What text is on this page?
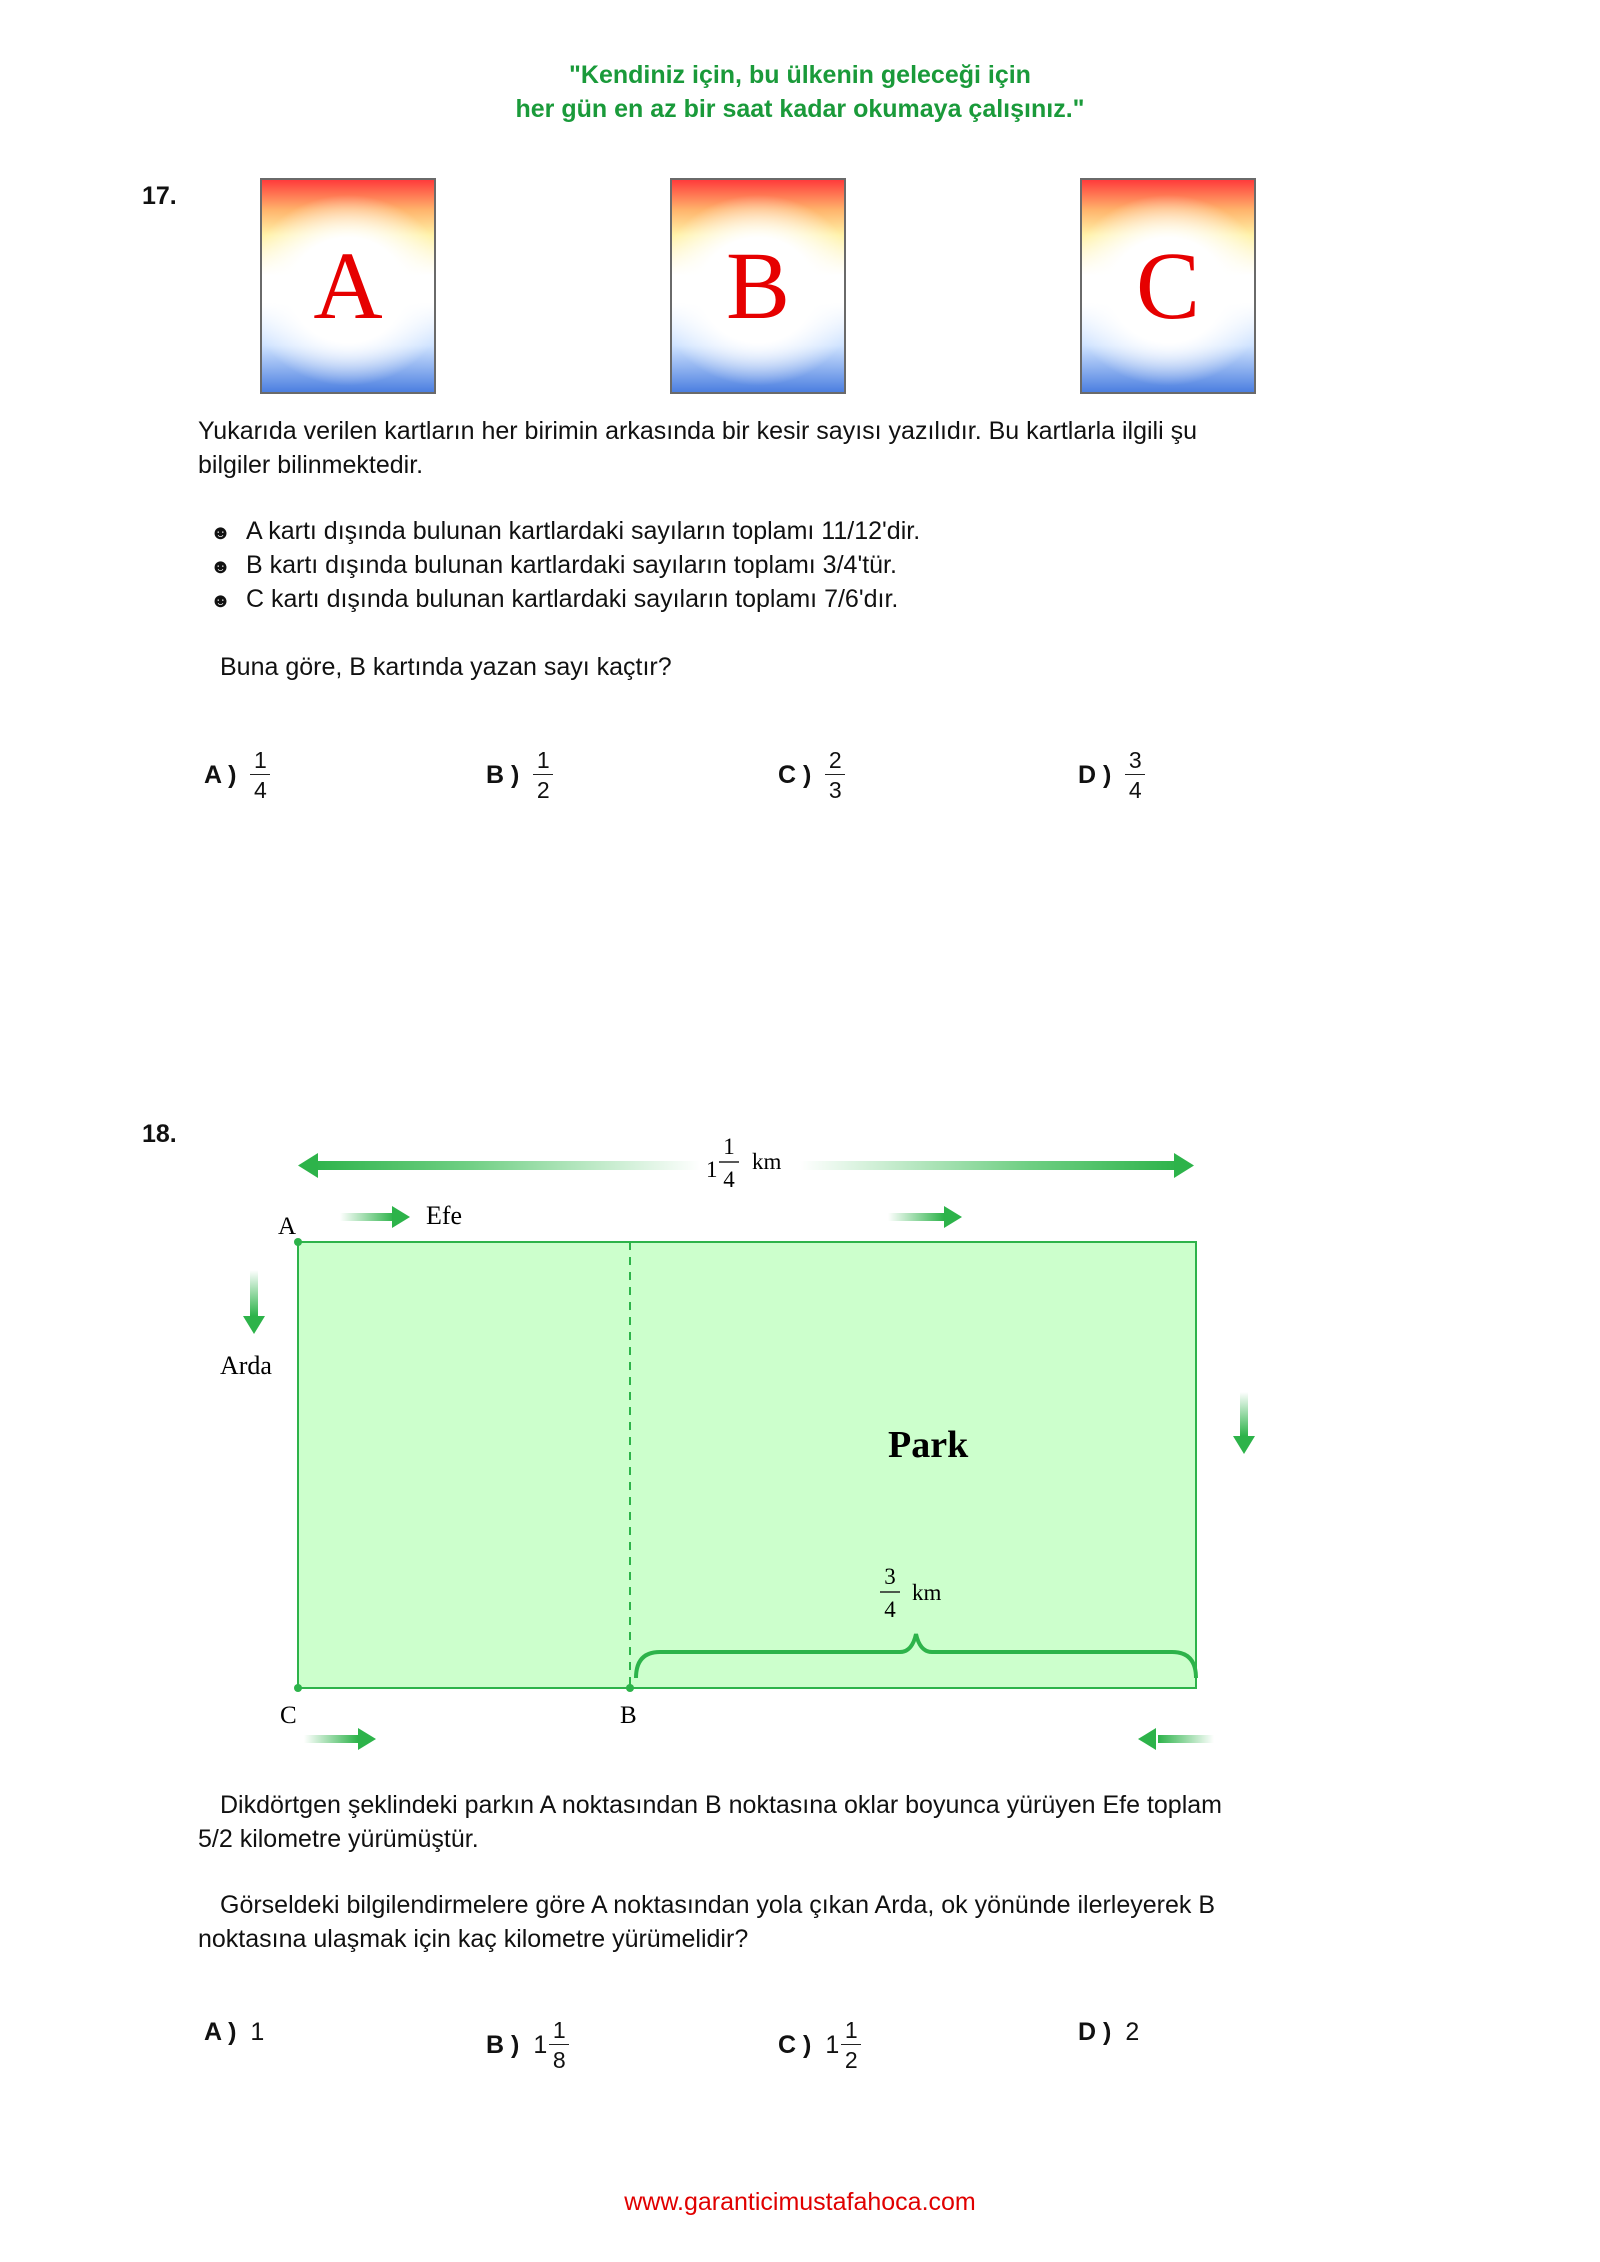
"Kendiniz için, bu ülkenin geleceği için
her gün en az bir saat kadar okumaya çalışınız."
17.
A	B	C
Yukarıda verilen kartların her birimin arkasında bir kesir sayısı yazılıdır. Bu kartlarla ilgili şu
bilgiler bilinmektedir.
☻ A kartı dışında bulunan kartlardaki sayıların toplamı 11/12'dir.
☻ B kartı dışında bulunan kartlardaki sayıların toplamı 3/4'tür.
☻ C kartı dışında bulunan kartlardaki sayıların toplamı 7/6'dır.
Buna göre, B kartında yazan sayı kaçtır?
A ) $\frac{1}{4}$	B ) $\frac{1}{2}$	C ) $\frac{2}{3}$	D ) $\frac{3}{4}$
18.
1
1
4
km
Efe
Arda
Park
3
4
km
A
C	B
Dikdörtgen şeklindeki parkın A noktasından B noktasına oklar boyunca yürüyen Efe toplam
5/2 kilometre yürümüştür.
Görseldeki bilgilendirmelere göre A noktasından yola çıkan Arda, ok yönünde ilerleyerek B
noktasına ulaşmak için kaç kilometre yürümelidir?
A ) 1	B ) $1 \frac{1}{8}$	C ) $1 \frac{1}{2}$	D ) 2
www.garanticimustafahoca.com
